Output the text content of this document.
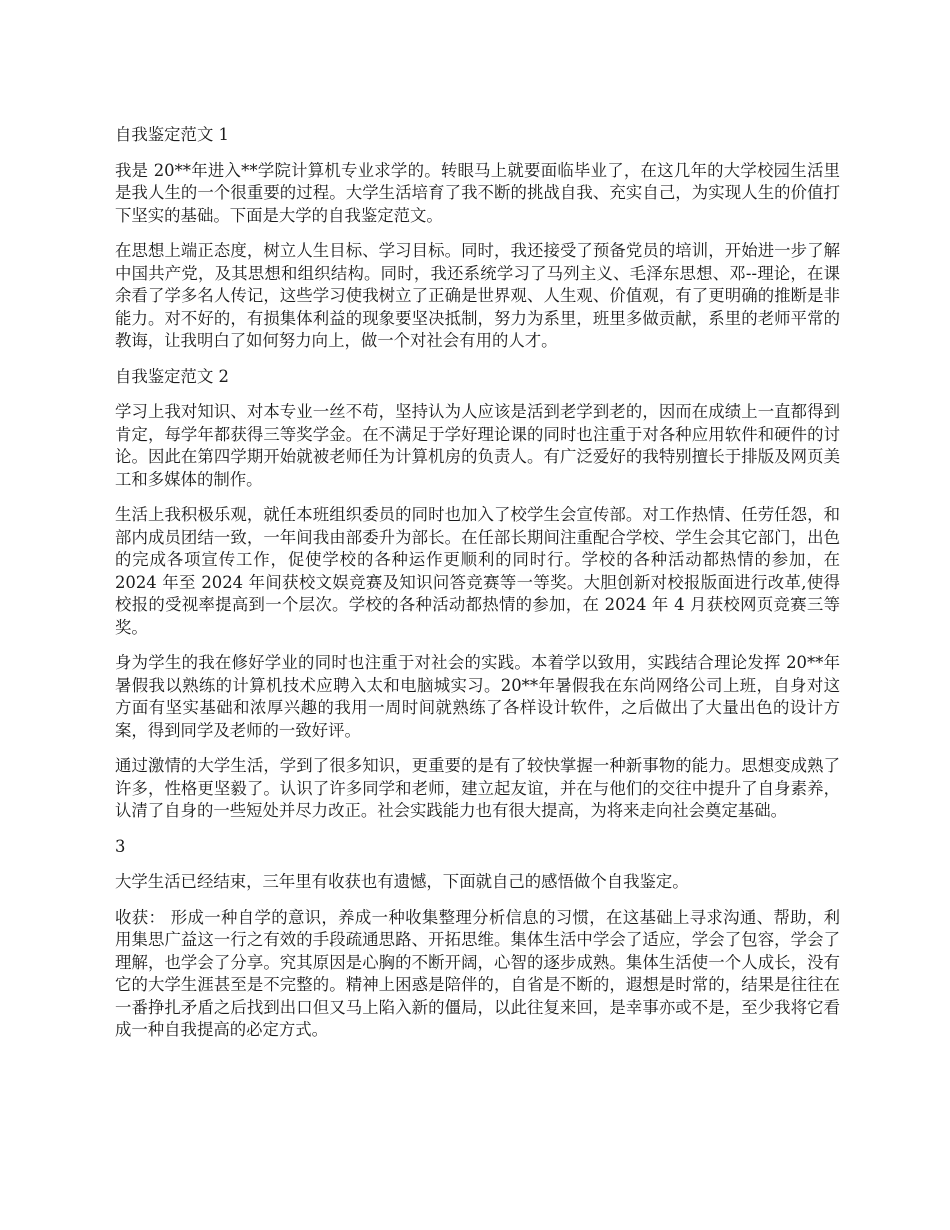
自我鉴定范文 1

我是 20**年进入**学院计算机专业求学的。转眼马上就要面临毕业了，在这几年的大学校园生活里是我人生的一个很重要的过程。大学生活培育了我不断的挑战自我、充实自己，为实现人生的价值打下坚实的基础。下面是大学的自我鉴定范文。

在思想上端正态度，树立人生目标、学习目标。同时，我还接受了预备党员的培训，开始进一步了解中国共产党，及其思想和组织结构。同时，我还系统学习了马列主义、毛泽东思想、邓--理论，在课余看了学多名人传记，这些学习使我树立了正确是世界观、人生观、价值观，有了更明确的推断是非能力。对不好的，有损集体利益的现象要坚决抵制，努力为系里，班里多做贡献，系里的老师平常的教诲，让我明白了如何努力向上，做一个对社会有用的人才。

自我鉴定范文 2

学习上我对知识、对本专业一丝不苟，坚持认为人应该是活到老学到老的，因而在成绩上一直都得到肯定，每学年都获得三等奖学金。在不满足于学好理论课的同时也注重于对各种应用软件和硬件的讨论。因此在第四学期开始就被老师任为计算机房的负责人。有广泛爱好的我特别擅长于排版及网页美工和多媒体的制作。

生活上我积极乐观，就任本班组织委员的同时也加入了校学生会宣传部。对工作热情、任劳任怨，和部内成员团结一致，一年间我由部委升为部长。在任部长期间注重配合学校、学生会其它部门，出色的完成各项宣传工作，促使学校的各种运作更顺利的同时行。学校的各种活动都热情的参加，在 2024 年至 2024 年间获校文娱竞赛及知识问答竞赛等一等奖。大胆创新对校报版面进行改革,使得校报的受视率提高到一个层次。学校的各种活动都热情的参加，在 2024 年 4 月获校网页竞赛三等奖。

身为学生的我在修好学业的同时也注重于对社会的实践。本着学以致用，实践结合理论发挥 20**年暑假我以熟练的计算机技术应聘入太和电脑城实习。20**年暑假我在东尚网络公司上班，自身对这方面有坚实基础和浓厚兴趣的我用一周时间就熟练了各样设计软件，之后做出了大量出色的设计方案，得到同学及老师的一致好评。

通过激情的大学生活，学到了很多知识，更重要的是有了较快掌握一种新事物的能力。思想变成熟了许多，性格更坚毅了。认识了许多同学和老师，建立起友谊，并在与他们的交往中提升了自身素养，认清了自身的一些短处并尽力改正。社会实践能力也有很大提高，为将来走向社会奠定基础。

3

大学生活已经结束，三年里有收获也有遗憾，下面就自己的感悟做个自我鉴定。

收获： 形成一种自学的意识，养成一种收集整理分析信息的习惯，在这基础上寻求沟通、帮助，利用集思广益这一行之有效的手段疏通思路、开拓思维。集体生活中学会了适应，学会了包容，学会了理解，也学会了分享。究其原因是心胸的不断开阔，心智的逐步成熟。集体生活使一个人成长，没有它的大学生涯甚至是不完整的。精神上困惑是陪伴的，自省是不断的，遐想是时常的，结果是往往在一番挣扎矛盾之后找到出口但又马上陷入新的僵局，以此往复来回，是幸事亦或不是，至少我将它看成一种自我提高的必定方式。
